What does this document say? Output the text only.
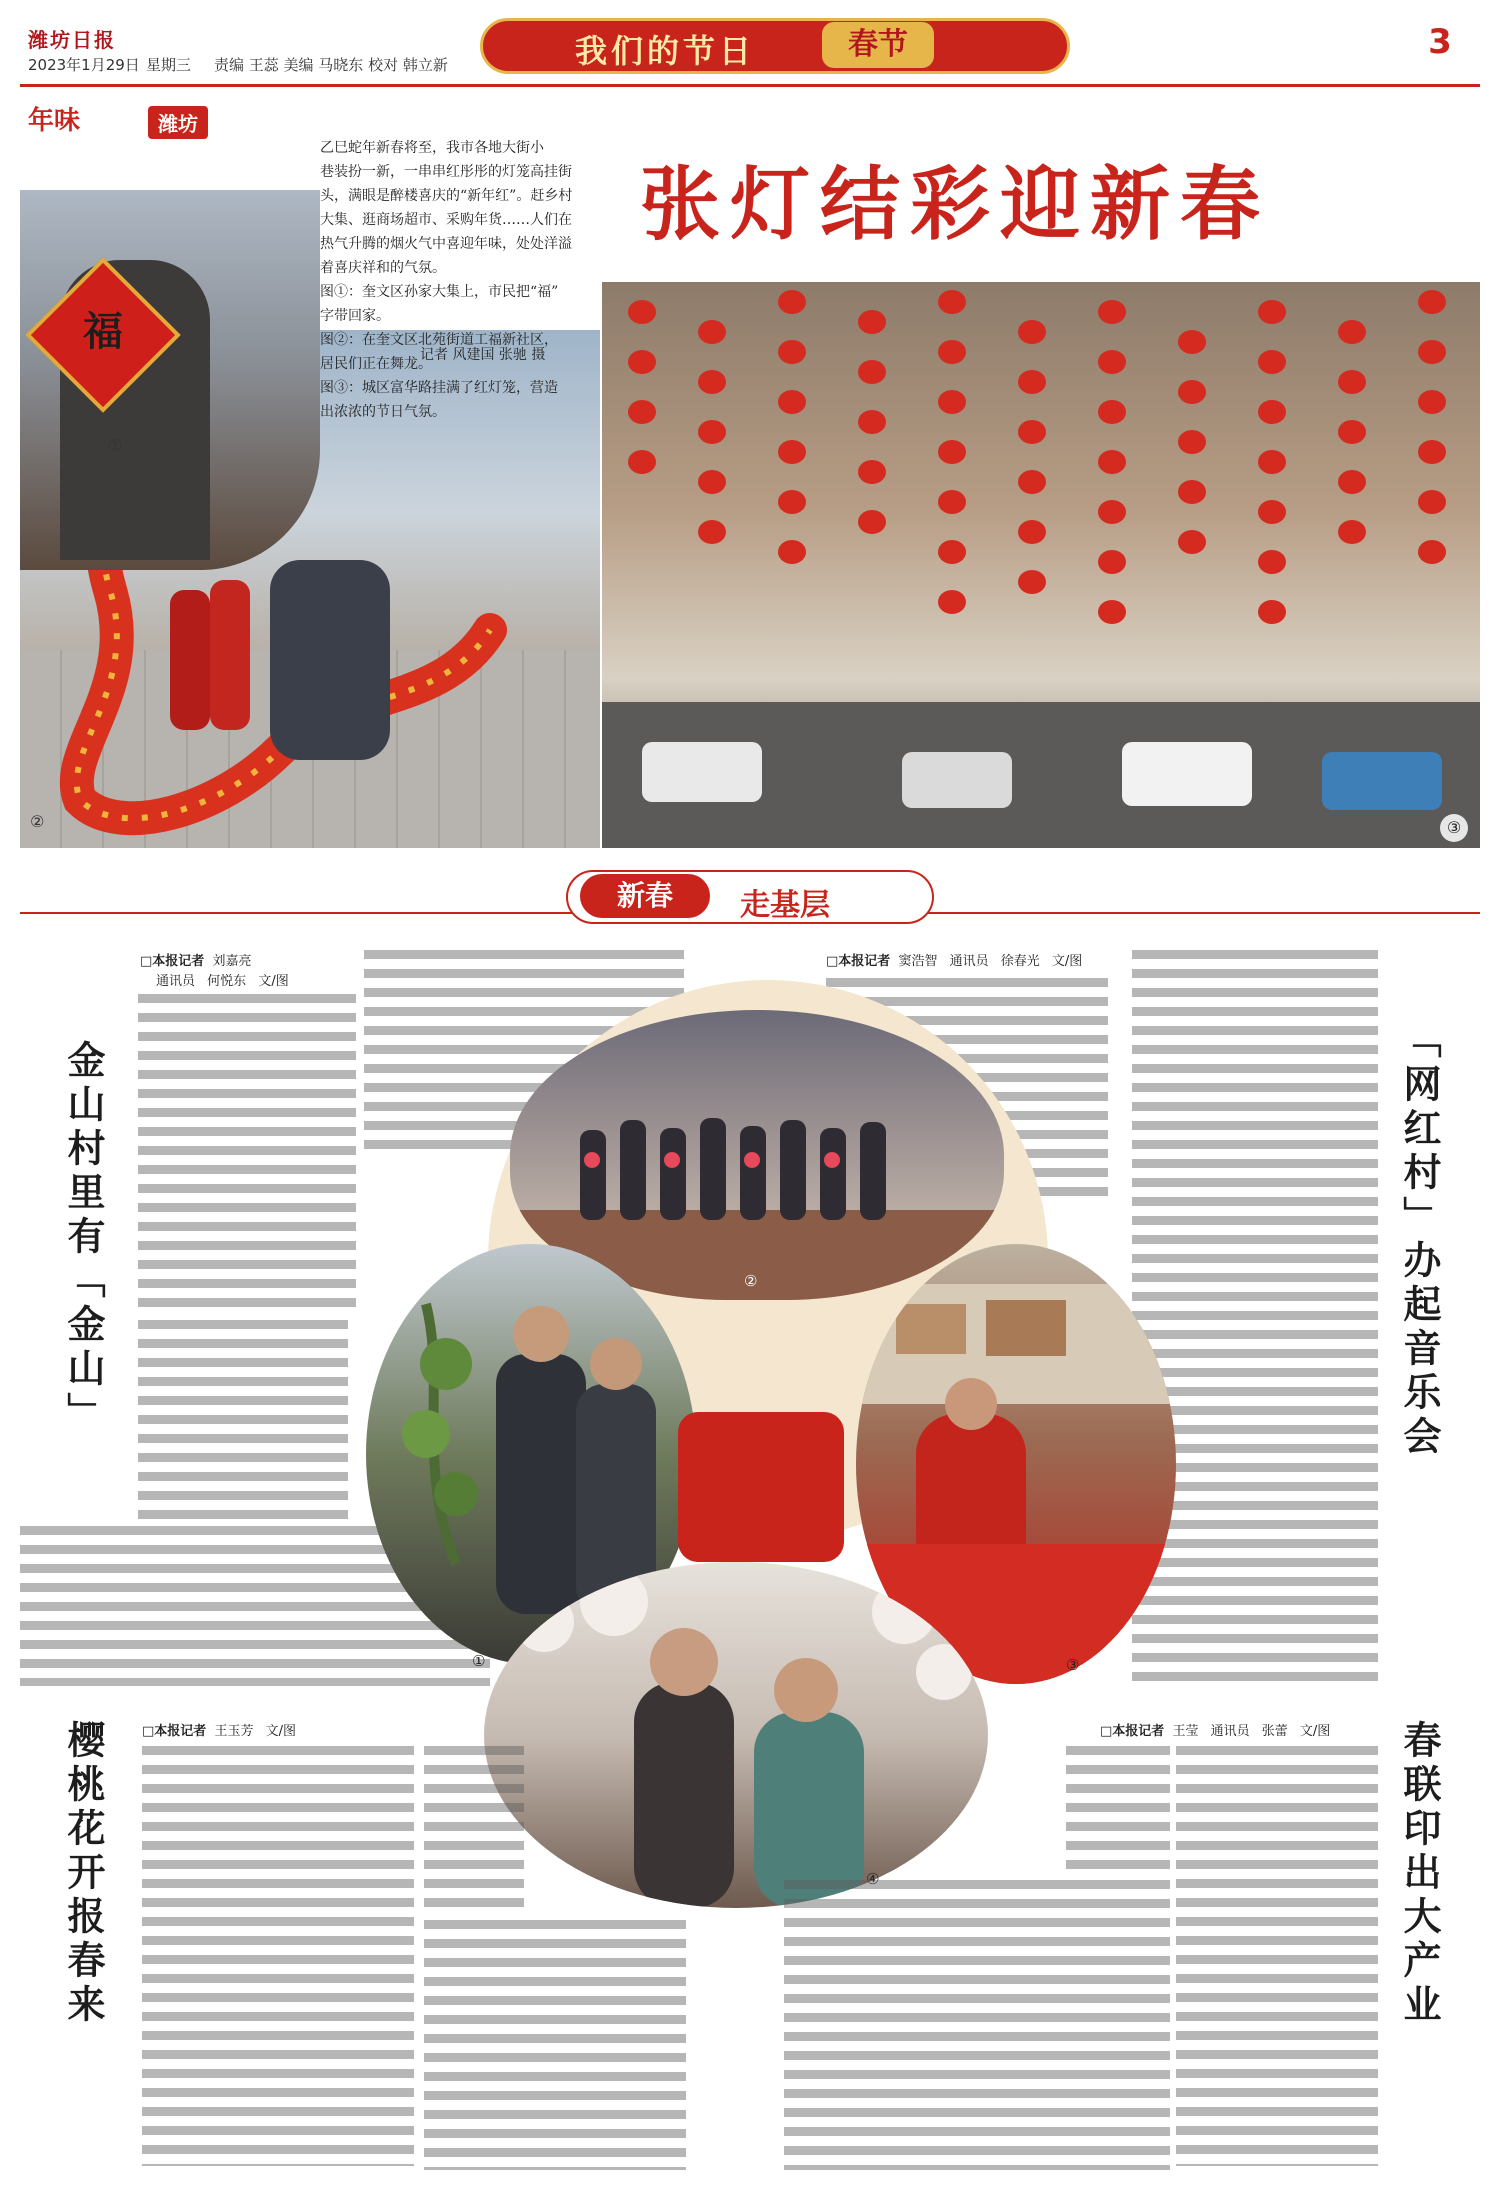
潍坊日报
2023年1月29日 星期三 责编 王蕊 美编 马晓东 校对 韩立新	我们的节日	春节	3
年味	潍坊
②
福
①
乙巳蛇年新春将至，我市各地大街小
巷装扮一新，一串串红彤彤的灯笼高挂街
头，满眼是醉楼喜庆的“新年红”。赶乡村
大集、逛商场超市、采购年货……人们在
热气升腾的烟火气中喜迎年味，处处洋溢
着喜庆祥和的气氛。
图①：奎文区孙家大集上，市民把“福”
字带回家。
图②：在奎文区北苑街道工福新社区，
居民们正在舞龙。
图③：城区富华路挂满了红灯笼，营造
出浓浓的节日气氛。
记者 风建国 张驰 摄
张灯结彩迎新春
③
新春	走基层
□本报记者 刘嘉亮
通讯员 何悦东 文/图
金山村里有「金山」
□本报记者 窦浩智 通讯员 徐春光 文/图
「网红村」办起音乐会
②
①	③
④
□本报记者 王玉芳 文/图
樱桃花开报春来	□本报记者 王莹 通讯员 张蕾 文/图 春联印出大产业
